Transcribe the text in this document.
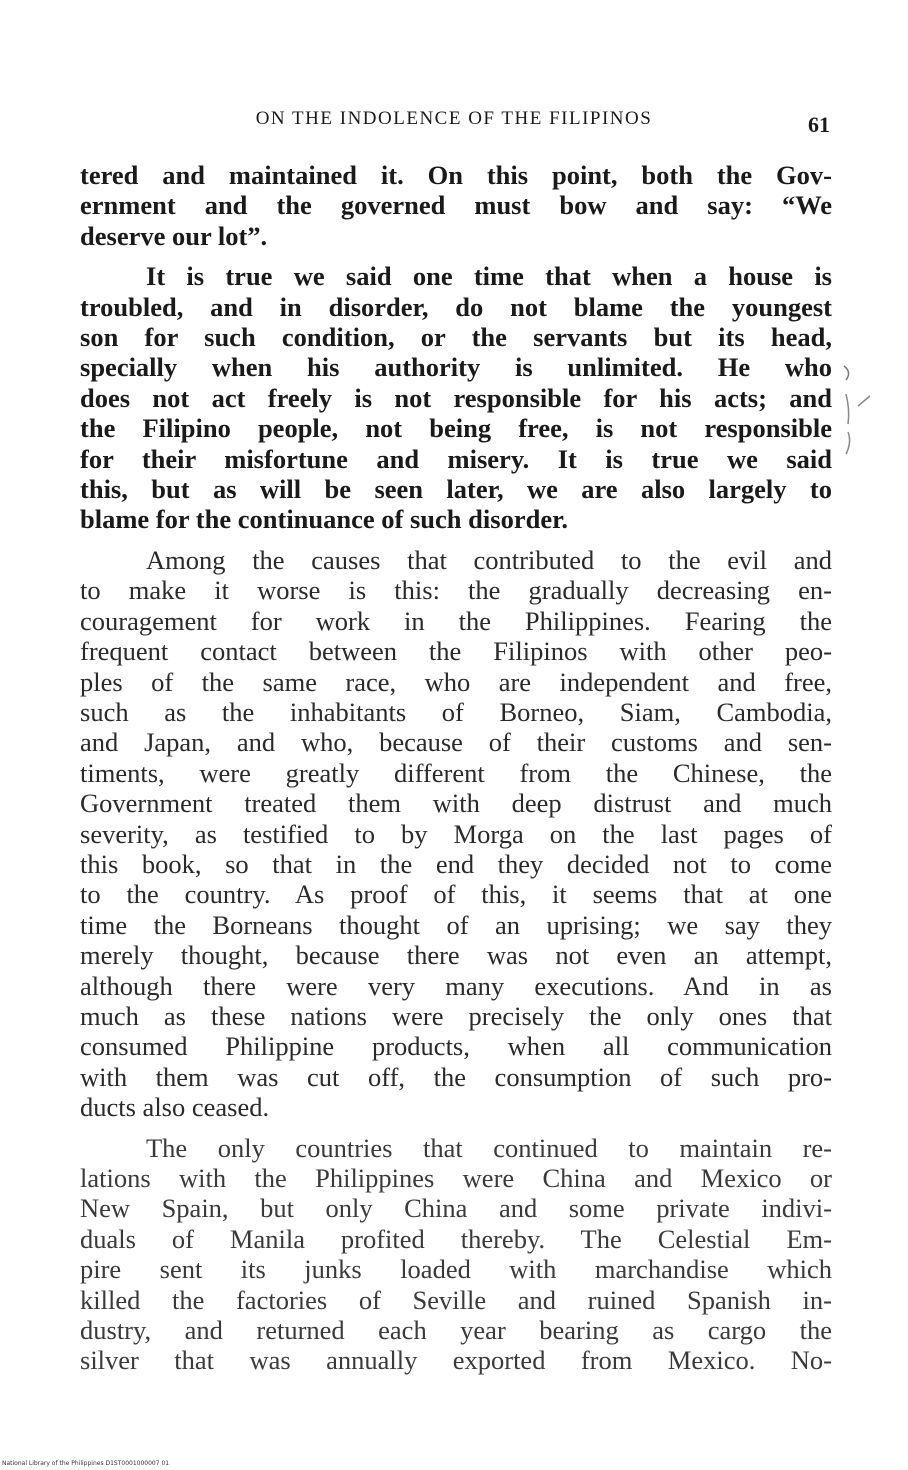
ON THE INDOLENCE OF THE FILIPINOS	61
tered and maintained it. On this point, both the Gov-
ernment and the governed must bow and say: “We
deserve our lot”.
It is true we said one time that when a house is
troubled, and in disorder, do not blame the youngest
son for such condition, or the servants but its head,
specially when his authority is unlimited. He who
does not act freely is not responsible for his acts; and
the Filipino people, not being free, is not responsible
for their misfortune and misery. It is true we said
this, but as will be seen later, we are also largely to
blame for the continuance of such disorder.
Among the causes that contributed to the evil and
to make it worse is this: the gradually decreasing en-
couragement for work in the Philippines. Fearing the
frequent contact between the Filipinos with other peo-
ples of the same race, who are independent and free,
such as the inhabitants of Borneo, Siam, Cambodia,
and Japan, and who, because of their customs and sen-
timents, were greatly different from the Chinese, the
Government treated them with deep distrust and much
severity, as testified to by Morga on the last pages of
this book, so that in the end they decided not to come
to the country. As proof of this, it seems that at one
time the Borneans thought of an uprising; we say they
merely thought, because there was not even an attempt,
although there were very many executions. And in as
much as these nations were precisely the only ones that
consumed Philippine products, when all communication
with them was cut off, the consumption of such pro-
ducts also ceased.
The only countries that continued to maintain re-
lations with the Philippines were China and Mexico or
New Spain, but only China and some private indivi-
duals of Manila profited thereby. The Celestial Em-
pire sent its junks loaded with marchandise which
killed the factories of Seville and ruined Spanish in-
dustry, and returned each year bearing as cargo the
silver that was annually exported from Mexico. No-
National Library of the Philippines D1ST0001000007 01
